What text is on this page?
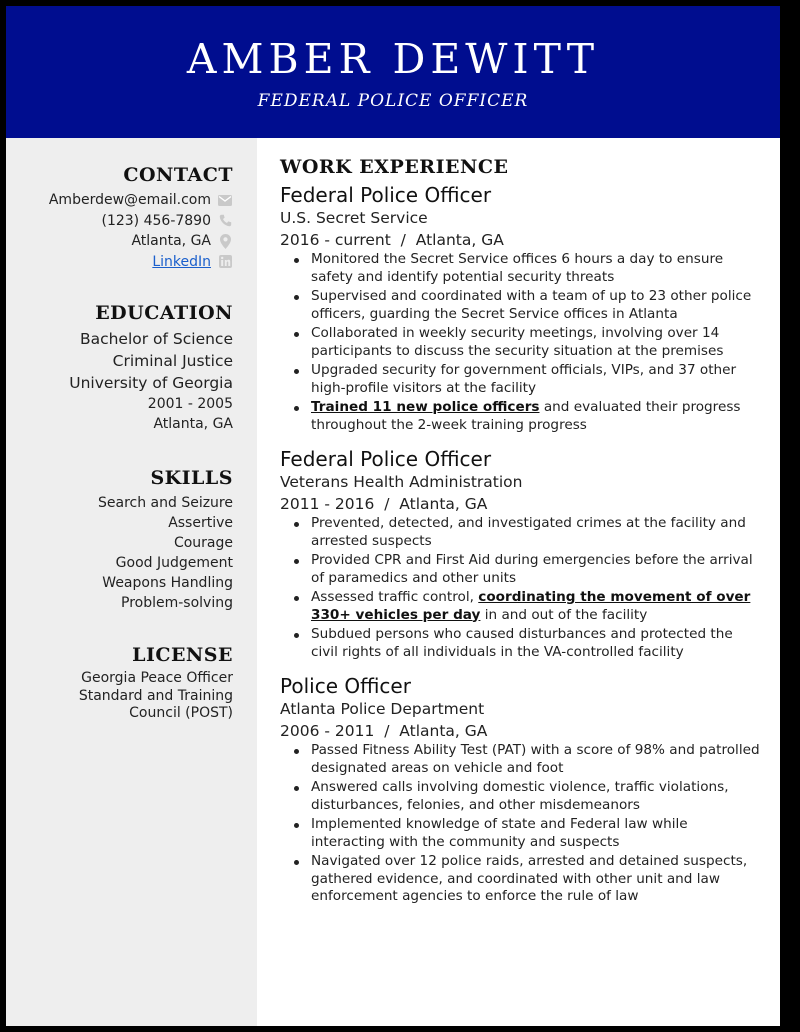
AMBER DEWITT
FEDERAL POLICE OFFICER
CONTACT
Amberdew@email.com
(123) 456-7890
Atlanta, GA
LinkedIn
EDUCATION
Bachelor of Science
Criminal Justice
University of Georgia
2001 - 2005
Atlanta, GA
SKILLS
Search and Seizure
Assertive
Courage
Good Judgement
Weapons Handling
Problem-solving
LICENSE
Georgia Peace Officer
Standard and Training
Council (POST)
WORK EXPERIENCE
Federal Police Officer
U.S. Secret Service
2016 - current / Atlanta, GA
Monitored the Secret Service offices 6 hours a day to ensure safety and identify potential security threats
Supervised and coordinated with a team of up to 23 other police officers, guarding the Secret Service offices in Atlanta
Collaborated in weekly security meetings, involving over 14 participants to discuss the security situation at the premises
Upgraded security for government officials, VIPs, and 37 other high-profile visitors at the facility
Trained 11 new police officers and evaluated their progress throughout the 2-week training progress
Federal Police Officer
Veterans Health Administration
2011 - 2016 / Atlanta, GA
Prevented, detected, and investigated crimes at the facility and arrested suspects
Provided CPR and First Aid during emergencies before the arrival of paramedics and other units
Assessed traffic control, coordinating the movement of over 330+ vehicles per day in and out of the facility
Subdued persons who caused disturbances and protected the civil rights of all individuals in the VA-controlled facility
Police Officer
Atlanta Police Department
2006 - 2011 / Atlanta, GA
Passed Fitness Ability Test (PAT) with a score of 98% and patrolled designated areas on vehicle and foot
Answered calls involving domestic violence, traffic violations, disturbances, felonies, and other misdemeanors
Implemented knowledge of state and Federal law while interacting with the community and suspects
Navigated over 12 police raids, arrested and detained suspects, gathered evidence, and coordinated with other unit and law enforcement agencies to enforce the rule of law
